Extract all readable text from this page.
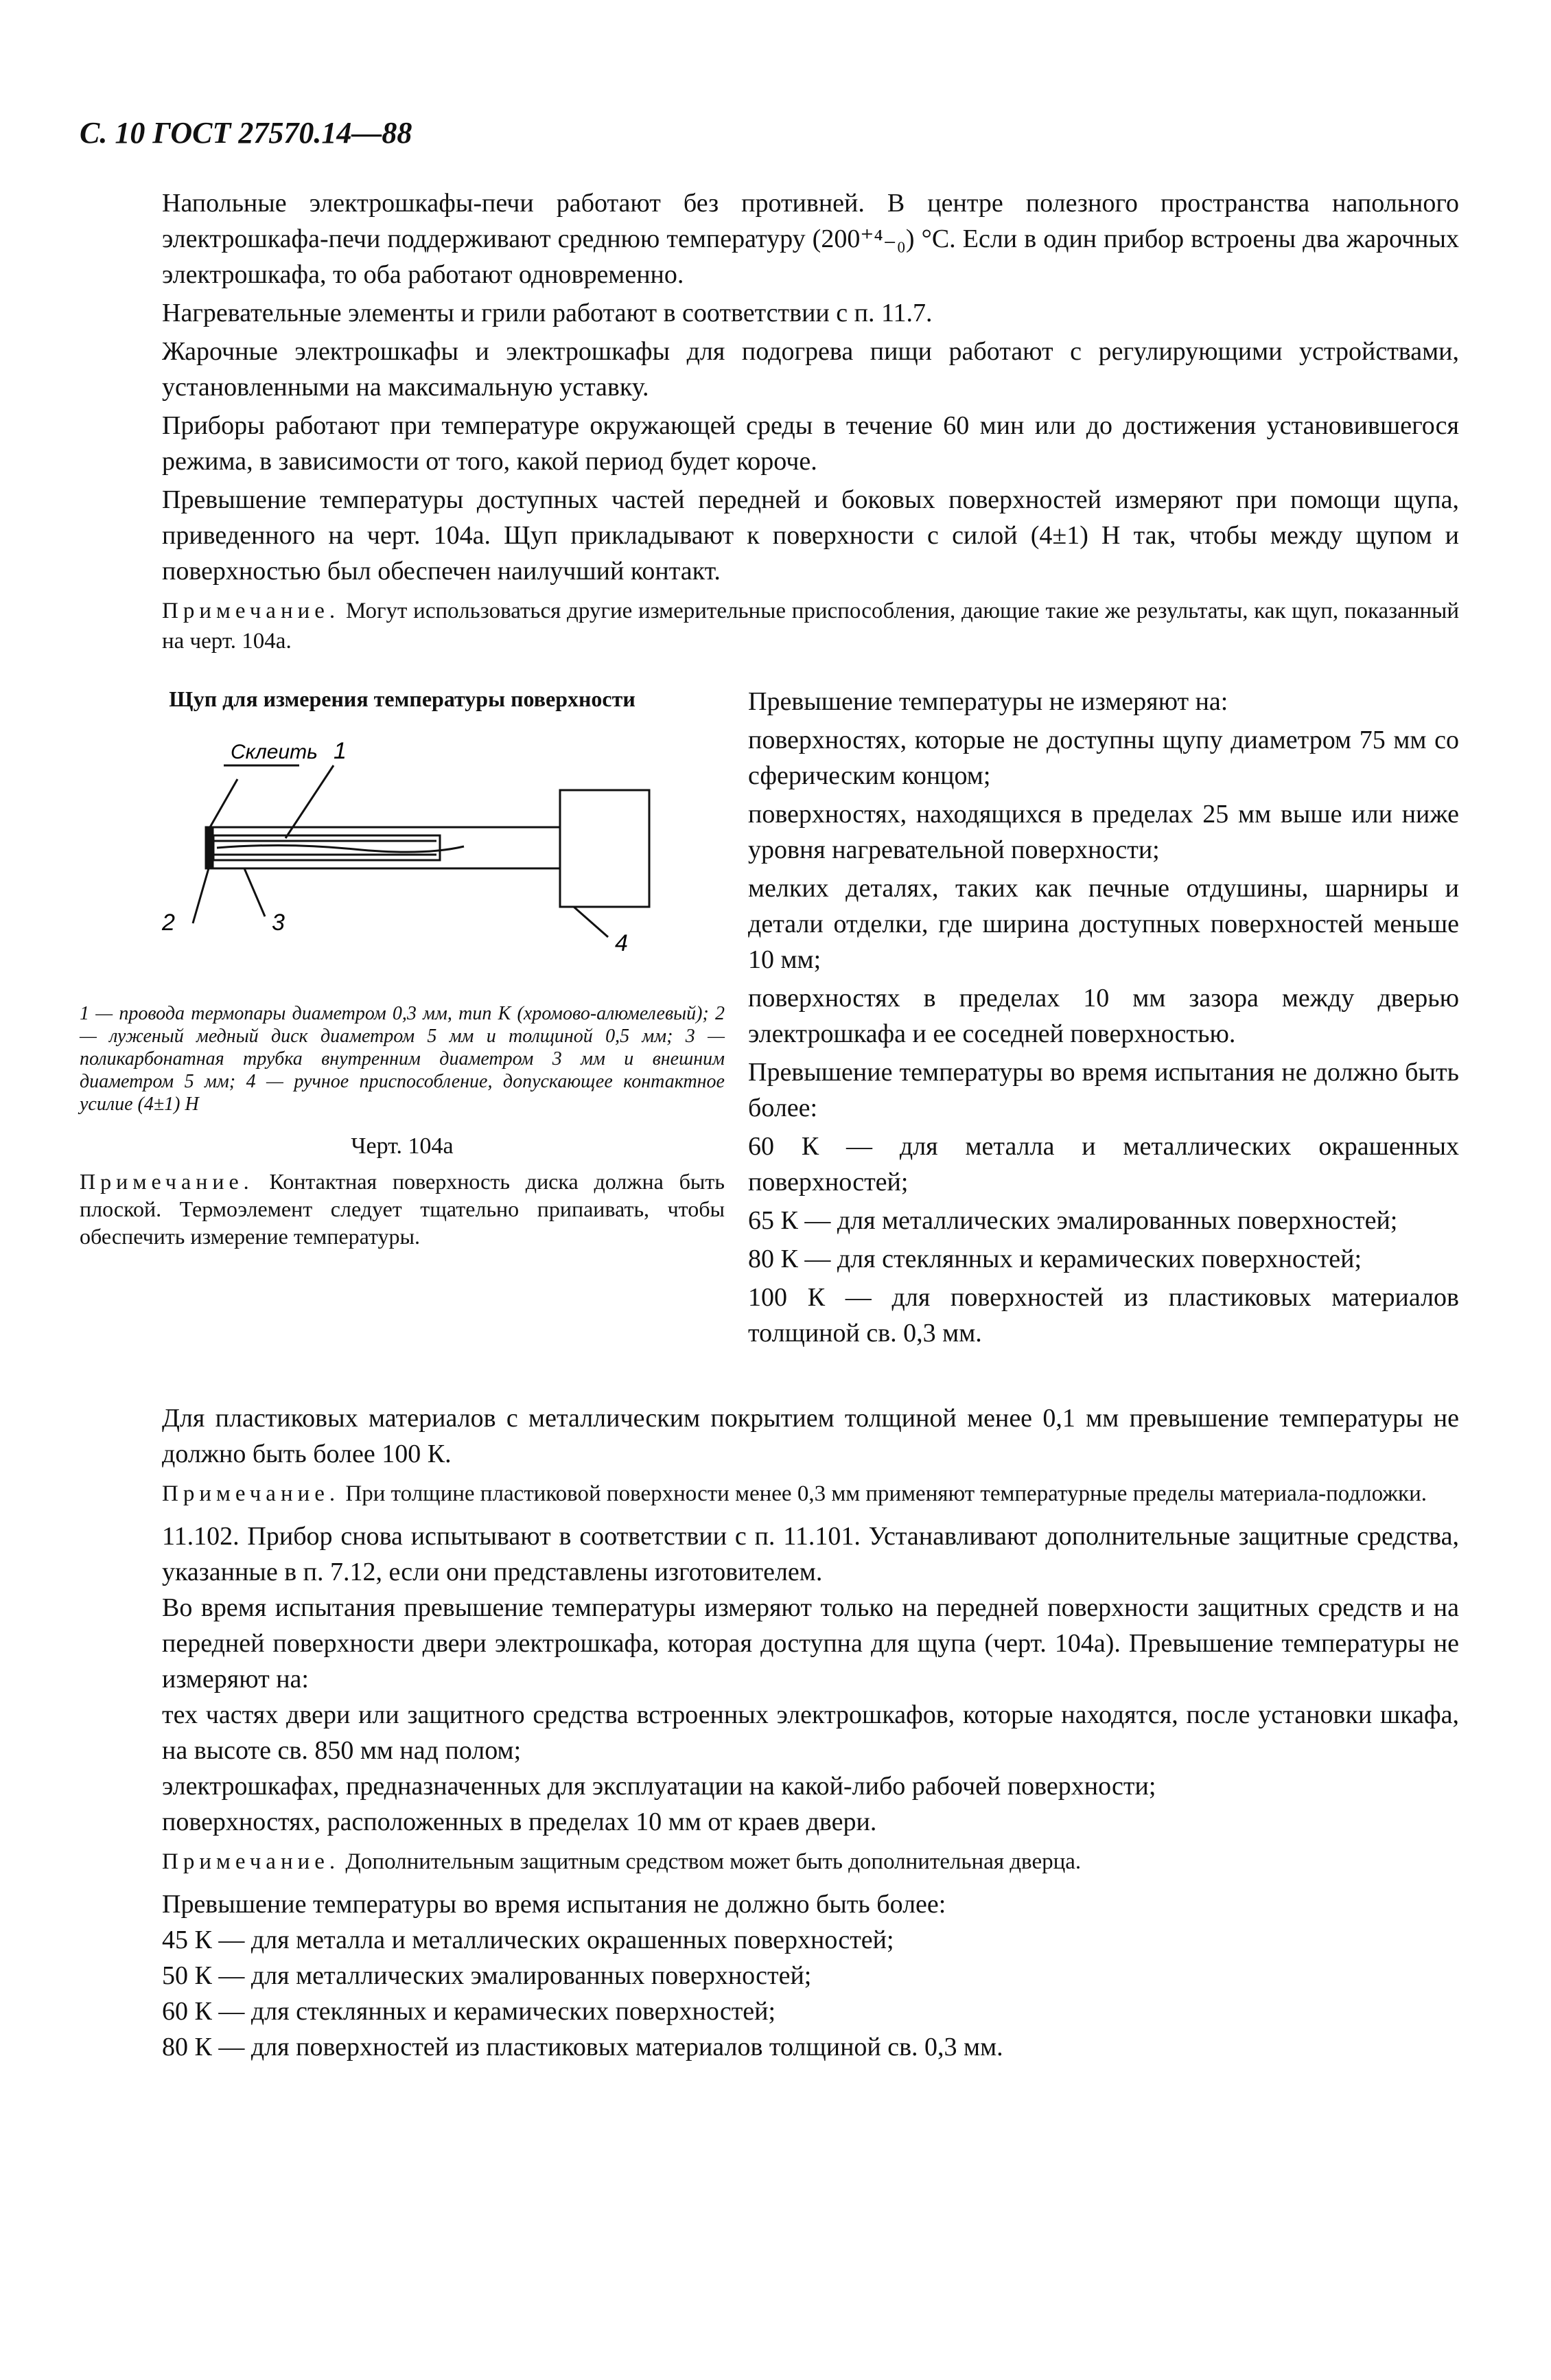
С. 10 ГОСТ 27570.14—88

Напольные электрошкафы-печи работают без противней. В центре полезного пространства напольного электрошкафа-печи поддерживают среднюю температуру (200⁺⁴₋₀) °С. Если в один прибор встроены два жарочных электрошкафа, то оба работают одновременно.

Нагревательные элементы и грили работают в соответствии с п. 11.7.

Жарочные электрошкафы и электрошкафы для подогрева пищи работают с регулирующими устройствами, установленными на максимальную уставку.

Приборы работают при температуре окружающей среды в течение 60 мин или до достижения установившегося режима, в зависимости от того, какой период будет короче.

Превышение температуры доступных частей передней и боковых поверхностей измеряют при помощи щупа, приведенного на черт. 104а. Щуп прикладывают к поверхности с силой (4±1) Н так, чтобы между щупом и поверхностью был обеспечен наилучший контакт.

Примечание. Могут использоваться другие измерительные приспособления, дающие такие же результаты, как щуп, показанный на черт. 104а.

Щуп для измерения температуры поверхности
Склеить 1
2	3
4
1 — провода термопары диаметром 0,3 мм, тип К (хромово-алюмелевый); 2 — луженый медный диск диаметром 5 мм и толщиной 0,5 мм; 3 — поликарбонатная трубка внутренним диаметром 3 мм и внешним диаметром 5 мм; 4 — ручное приспособление, допускающее контактное усилие (4±1) Н
Черт. 104а
Примечание. Контактная поверхность диска должна быть плоской. Термоэлемент следует тщательно припаивать, чтобы обеспечить измерение температуры.

Превышение температуры не измеряют на:

поверхностях, которые не доступны щупу диаметром 75 мм со сферическим концом;

поверхностях, находящихся в пределах 25 мм выше или ниже уровня нагревательной поверхности;

мелких деталях, таких как печные отдушины, шарниры и детали отделки, где ширина доступных поверхностей меньше 10 мм;

поверхностях в пределах 10 мм зазора между дверью электрошкафа и ее соседней поверхностью.

Превышение температуры во время испытания не должно быть более:

60 К — для металла и металлических окрашенных поверхностей;

65 К — для металлических эмалированных поверхностей;

80 К — для стеклянных и керамических поверхностей;

100 К — для поверхностей из пластиковых материалов толщиной св. 0,3 мм.

Для пластиковых материалов с металлическим покрытием толщиной менее 0,1 мм превышение температуры не должно быть более 100 К.

Примечание. При толщине пластиковой поверхности менее 0,3 мм применяют температурные пределы материала-подложки.

11.102. Прибор снова испытывают в соответствии с п. 11.101. Устанавливают дополнительные защитные средства, указанные в п. 7.12, если они представлены изготовителем.

Во время испытания превышение температуры измеряют только на передней поверхности защитных средств и на передней поверхности двери электрошкафа, которая доступна для щупа (черт. 104а). Превышение температуры не измеряют на:

тех частях двери или защитного средства встроенных электрошкафов, которые находятся, после установки шкафа, на высоте св. 850 мм над полом;

электрошкафах, предназначенных для эксплуатации на какой-либо рабочей поверхности;

поверхностях, расположенных в пределах 10 мм от краев двери.

Примечание. Дополнительным защитным средством может быть дополнительная дверца.

Превышение температуры во время испытания не должно быть более:

45 К — для металла и металлических окрашенных поверхностей;

50 К — для металлических эмалированных поверхностей;

60 К — для стеклянных и керамических поверхностей;

80 К — для поверхностей из пластиковых материалов толщиной св. 0,3 мм.
